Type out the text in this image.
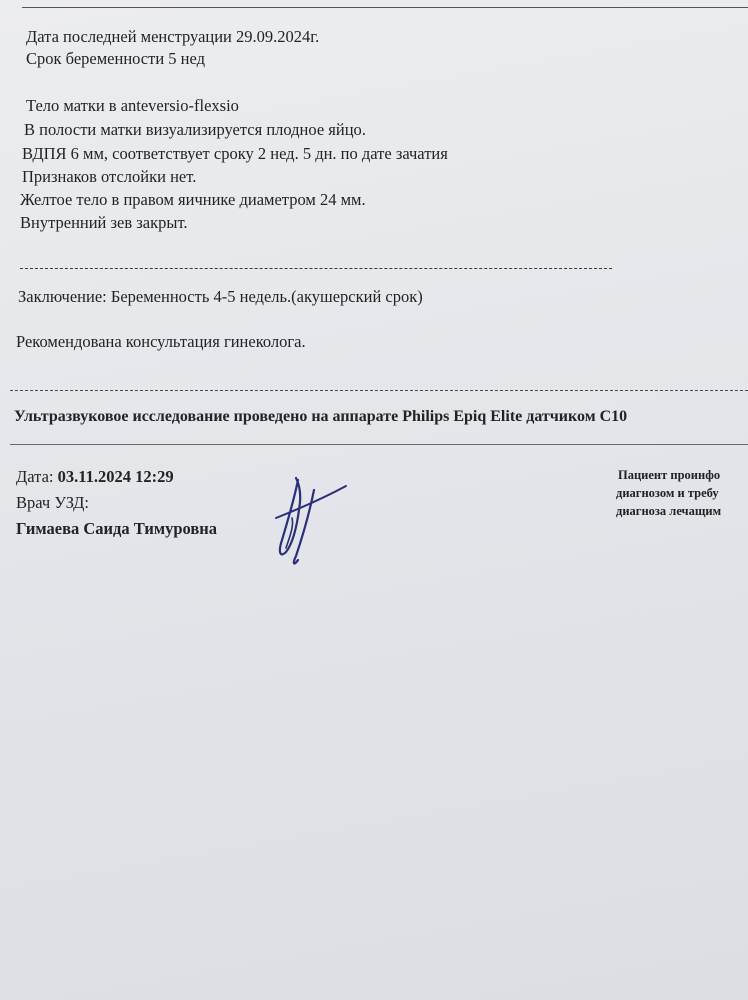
Дата последней менструации 29.09.2024г.
Срок беременности 5 нед
Тело матки в anteversio-flexsio
В полости матки визуализируется плодное яйцо.
ВДПЯ 6 мм, соответствует сроку 2 нед. 5 дн. по дате зачатия
Признаков отслойки нет.
Желтое тело в правом яичнике диаметром 24 мм.
Внутренний зев закрыт.
Заключение: Беременность 4-5 недель.(акушерский срок)
Рекомендована консультация гинеколога.
Ультразвуковое исследование проведено на аппарате Philips Epiq Elite датчиком C10
Дата: 03.11.2024 12:29
Врач УЗД:
Гимаева Саида Тимуровна
Пациент проинфо
диагнозом и требу
диагноза лечащим
